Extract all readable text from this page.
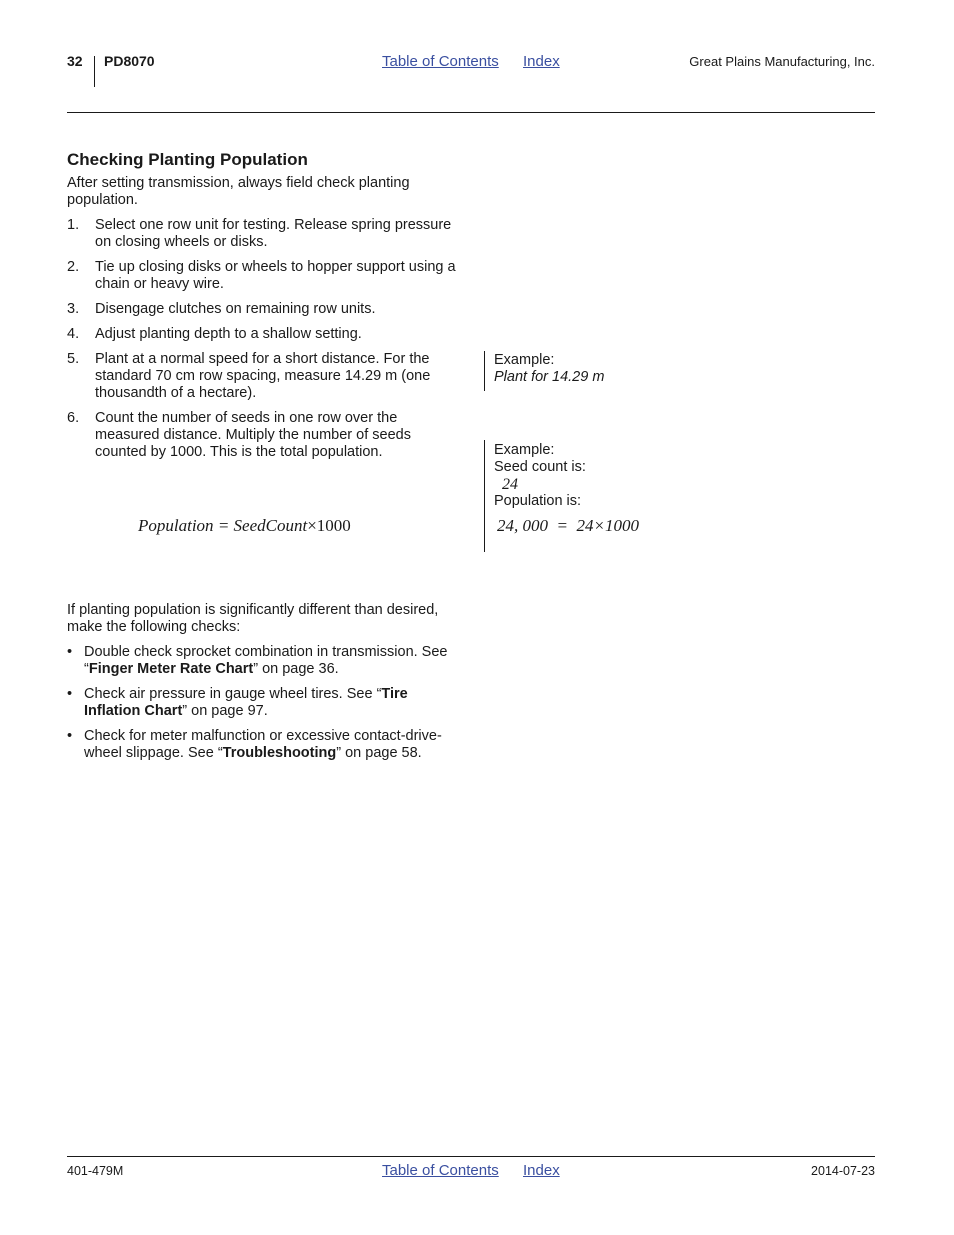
32 PD8070	Table of Contents Index	Great Plains Manufacturing, Inc.
Checking Planting Population
After setting transmission, always field check planting population.
1.	Select one row unit for testing. Release spring pressure on closing wheels or disks.
2.	Tie up closing disks or wheels to hopper support using a chain or heavy wire.
3.	Disengage clutches on remaining row units.
4.	Adjust planting depth to a shallow setting.
5.	Plant at a normal speed for a short distance. For the standard 70 cm row spacing, measure 14.29 m (one thousandth of a hectare).
6.	Count the number of seeds in one row over the measured distance. Multiply the number of seeds counted by 1000. This is the total population.
Example:
Plant for 14.29 m
Population = SeedCount×1000
Example:
Seed count is:
24
Population is:
24, 000 = 24×1000
If planting population is significantly different than desired, make the following checks:
• Double check sprocket combination in transmission. See “Finger Meter Rate Chart” on page 36.
• Check air pressure in gauge wheel tires. See “Tire Inflation Chart” on page 97.
• Check for meter malfunction or excessive contact-drive-wheel slippage. See “Troubleshooting” on page 58.
401-479M	Table of Contents Index	2014-07-23
